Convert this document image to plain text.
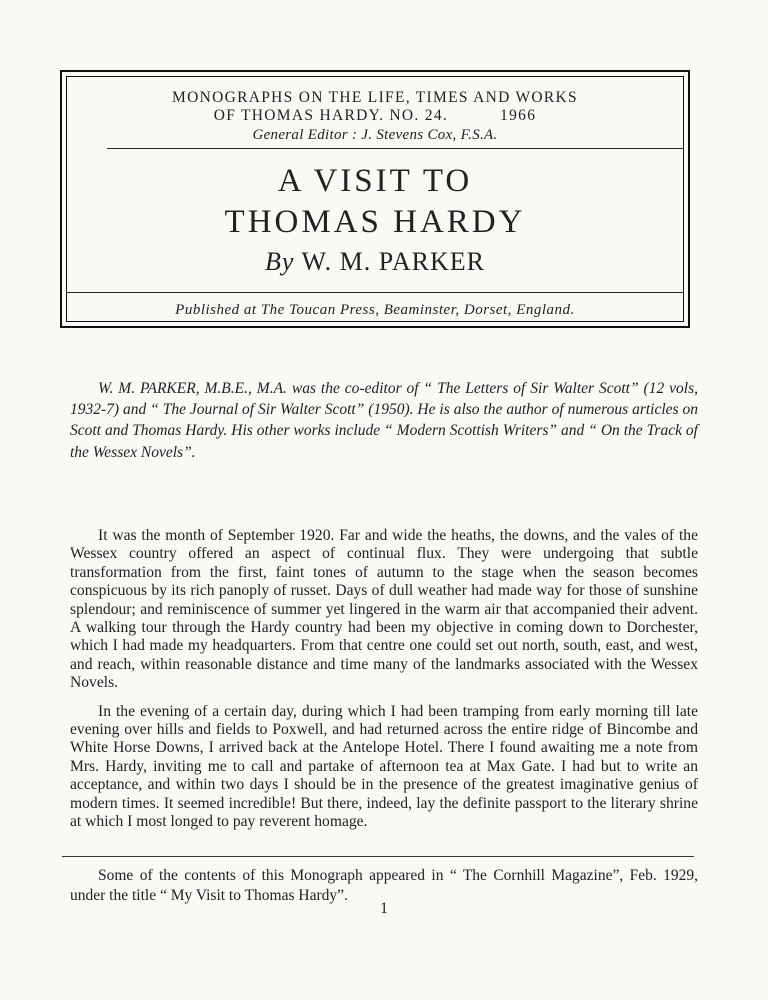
MONOGRAPHS ON THE LIFE, TIMES AND WORKS
OF THOMAS HARDY. NO. 24.	1966
General Editor : J. Stevens Cox, F.S.A.
A VISIT TO
THOMAS HARDY
By W. M. PARKER
Published at The Toucan Press, Beaminster, Dorset, England.
W. M. PARKER, M.B.E., M.A. was the co-editor of “ The Letters of Sir Walter Scott” (12 vols, 1932-7) and “ The Journal of Sir Walter Scott” (1950). He is also the author of numerous articles on Scott and Thomas Hardy. His other works include “ Modern Scottish Writers” and “ On the Track of the Wessex Novels”.

It was the month of September 1920. Far and wide the heaths, the downs, and the vales of the Wessex country offered an aspect of continual flux. They were undergoing that subtle transformation from the first, faint tones of autumn to the stage when the season becomes conspicuous by its rich panoply of russet. Days of dull weather had made way for those of sunshine splendour; and reminiscence of summer yet lingered in the warm air that accompanied their advent. A walking tour through the Hardy country had been my objective in coming down to Dorchester, which I had made my headquarters. From that centre one could set out north, south, east, and west, and reach, within reasonable distance and time many of the landmarks associated with the Wessex Novels.

In the evening of a certain day, during which I had been tramping from early morning till late evening over hills and fields to Poxwell, and had returned across the entire ridge of Bincombe and White Horse Downs, I arrived back at the Antelope Hotel. There I found awaiting me a note from Mrs. Hardy, inviting me to call and partake of afternoon tea at Max Gate. I had but to write an acceptance, and within two days I should be in the presence of the greatest imaginative genius of modern times. It seemed incredible! But there, indeed, lay the definite passport to the literary shrine at which I most longed to pay reverent homage.

Some of the contents of this Monograph appeared in “ The Cornhill Magazine”, Feb. 1929, under the title “ My Visit to Thomas Hardy”.
1
